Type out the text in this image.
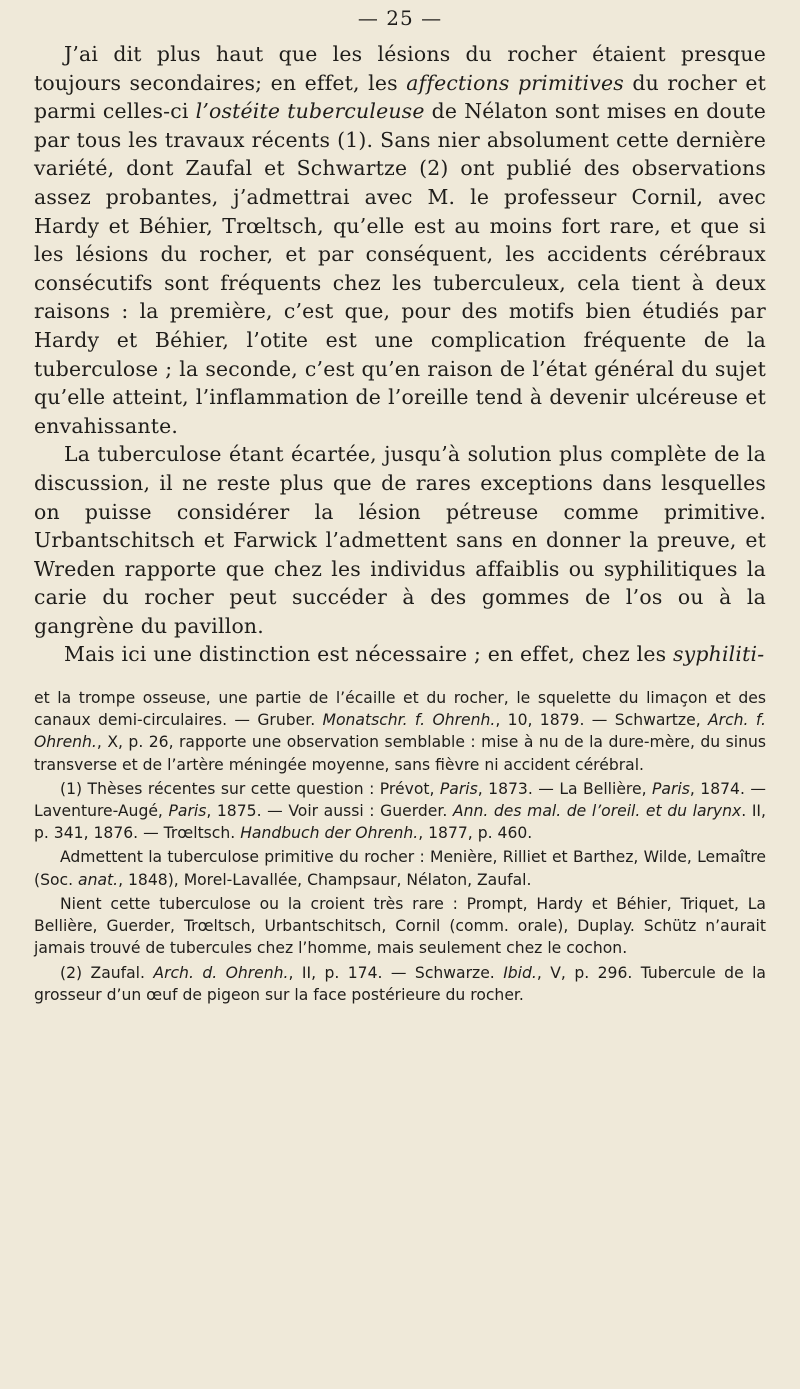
— 25 —

J’ai dit plus haut que les lésions du rocher étaient presque toujours secondaires; en effet, les affections primitives du rocher et parmi celles-ci l’ostéite tuberculeuse de Nélaton sont mises en doute par tous les travaux récents (1). Sans nier absolument cette dernière variété, dont Zaufal et Schwartze (2) ont publié des observations assez probantes, j’admettrai avec M. le professeur Cornil, avec Hardy et Béhier, Trœltsch, qu’elle est au moins fort rare, et que si les lésions du rocher, et par conséquent, les accidents cérébraux consécutifs sont fréquents chez les tuberculeux, cela tient à deux raisons : la première, c’est que, pour des motifs bien étudiés par Hardy et Béhier, l’otite est une complication fréquente de la tuberculose ; la seconde, c’est qu’en raison de l’état général du sujet qu’elle atteint, l’inflammation de l’oreille tend à devenir ulcéreuse et envahissante.

La tuberculose étant écartée, jusqu’à solution plus complète de la discussion, il ne reste plus que de rares exceptions dans lesquelles on puisse considérer la lésion pétreuse comme primitive. Urbantschitsch et Farwick l’admettent sans en donner la preuve, et Wreden rapporte que chez les individus affaiblis ou syphilitiques la carie du rocher peut succéder à des gommes de l’os ou à la gangrène du pavillon.

Mais ici une distinction est nécessaire ; en effet, chez les syphiliti-

et la trompe osseuse, une partie de l’écaille et du rocher, le squelette du limaçon et des canaux demi-circulaires. — Gruber. Monatschr. f. Ohrenh., 10, 1879. — Schwartze, Arch. f. Ohrenh., X, p. 26, rapporte une observation semblable : mise à nu de la dure-mère, du sinus transverse et de l’artère méningée moyenne, sans fièvre ni accident cérébral.

(1) Thèses récentes sur cette question : Prévot, Paris, 1873. — La Bellière, Paris, 1874. — Laventure-Augé, Paris, 1875. — Voir aussi : Guerder. Ann. des mal. de l’oreil. et du larynx. II, p. 341, 1876. — Trœltsch. Handbuch der Ohrenh., 1877, p. 460.

Admettent la tuberculose primitive du rocher : Menière, Rilliet et Barthez, Wilde, Lemaître (Soc. anat., 1848), Morel-Lavallée, Champsaur, Nélaton, Zaufal.

Nient cette tuberculose ou la croient très rare : Prompt, Hardy et Béhier, Triquet, La Bellière, Guerder, Trœltsch, Urbantschitsch, Cornil (comm. orale), Duplay. Schütz n’aurait jamais trouvé de tubercules chez l’homme, mais seulement chez le cochon.

(2) Zaufal. Arch. d. Ohrenh., II, p. 174. — Schwarze. Ibid., V, p. 296. Tubercule de la grosseur d’un œuf de pigeon sur la face postérieure du rocher.
